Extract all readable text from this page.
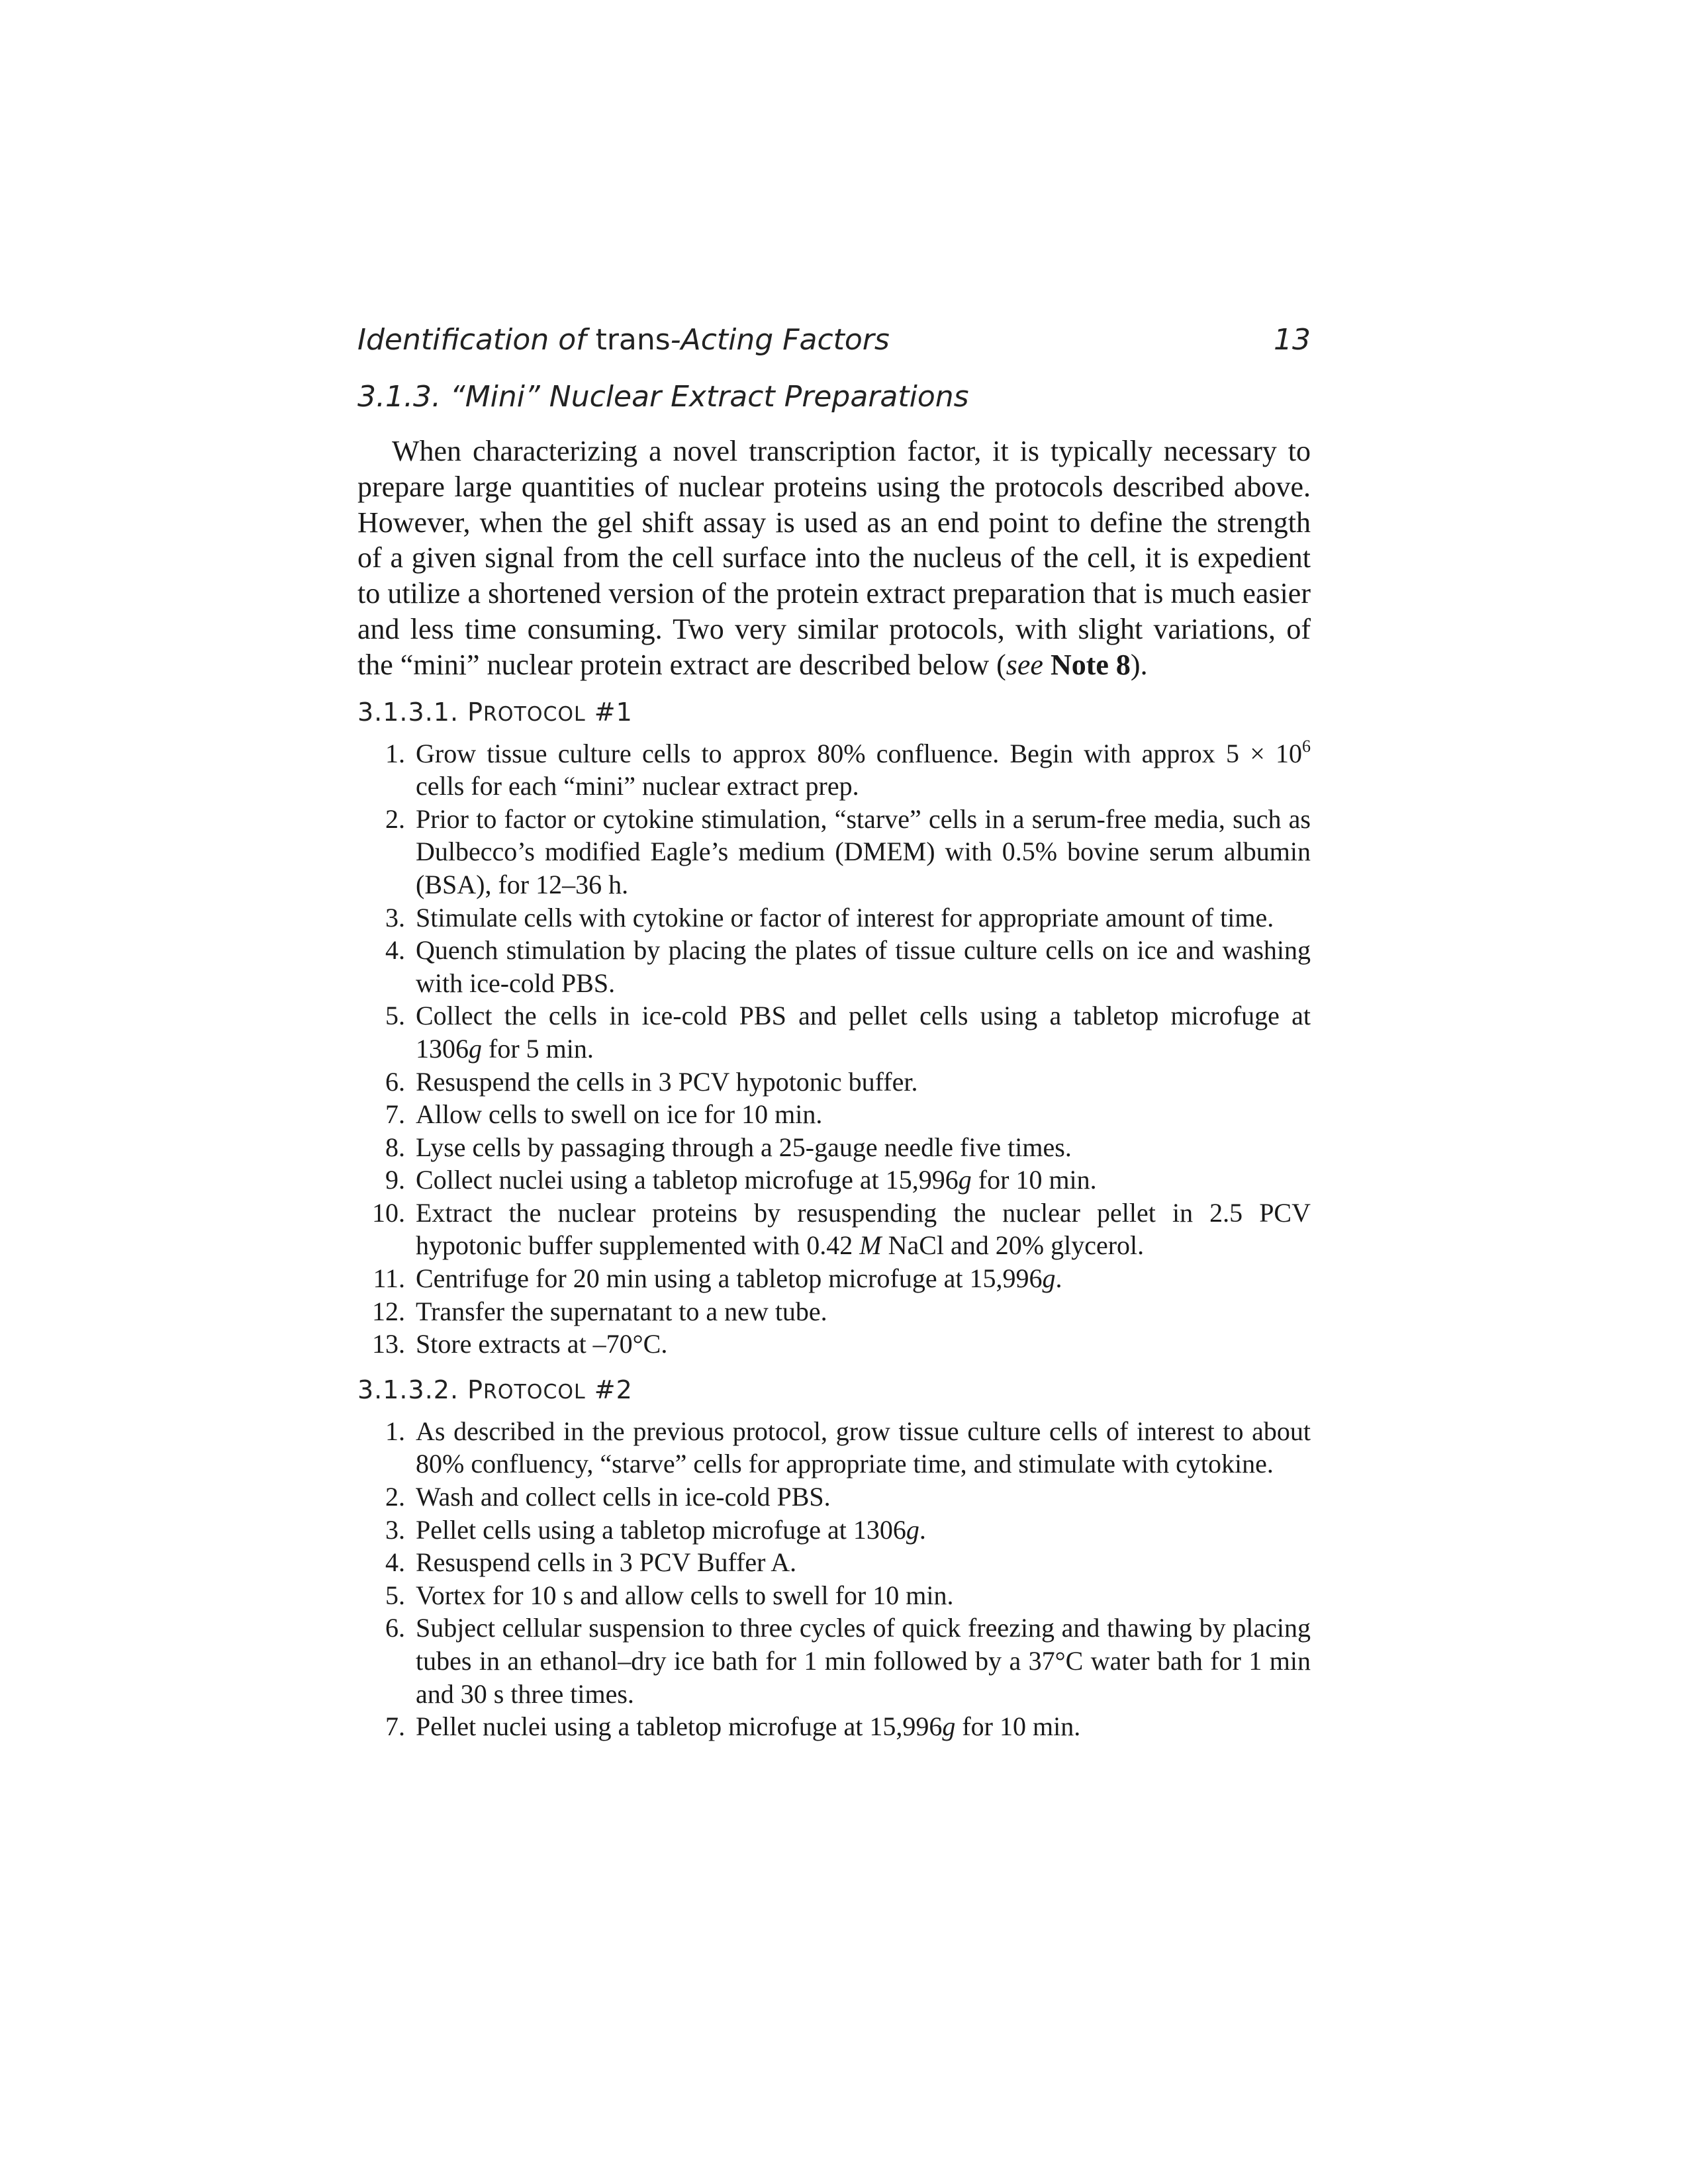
Identification of trans-Acting Factors	13
3.1.3. “Mini” Nuclear Extract Preparations

When characterizing a novel transcription factor, it is typically necessary to prepare large quantities of nuclear proteins using the protocols described above. However, when the gel shift assay is used as an end point to define the strength of a given signal from the cell surface into the nucleus of the cell, it is expedient to utilize a shortened version of the protein extract preparation that is much easier and less time consuming. Two very similar protocols, with slight variations, of the “mini” nuclear protein extract are described below (see Note 8).

3.1.3.1. PROTOCOL #1
1. Grow tissue culture cells to approx 80% confluence. Begin with approx $5 \times 10^6$ cells for each “mini” nuclear extract prep.
2. Prior to factor or cytokine stimulation, “starve” cells in a serum-free media, such as Dulbecco’s modified Eagle’s medium (DMEM) with 0.5% bovine serum albumin (BSA), for 12–36 h.
3. Stimulate cells with cytokine or factor of interest for appropriate amount of time.
4. Quench stimulation by placing the plates of tissue culture cells on ice and washing with ice-cold PBS.
5. Collect the cells in ice-cold PBS and pellet cells using a tabletop microfuge at 1306g for 5 min.
6. Resuspend the cells in 3 PCV hypotonic buffer.
7. Allow cells to swell on ice for 10 min.
8. Lyse cells by passaging through a 25-gauge needle five times.
9. Collect nuclei using a tabletop microfuge at 15,996g for 10 min.
10. Extract the nuclear proteins by resuspending the nuclear pellet in 2.5 PCV hypotonic buffer supplemented with 0.42 M NaCl and 20% glycerol.
11. Centrifuge for 20 min using a tabletop microfuge at 15,996g.
12. Transfer the supernatant to a new tube.
13. Store extracts at –70°C.
3.1.3.2. PROTOCOL #2
1. As described in the previous protocol, grow tissue culture cells of interest to about 80% confluency, “starve” cells for appropriate time, and stimulate with cytokine.
2. Wash and collect cells in ice-cold PBS.
3. Pellet cells using a tabletop microfuge at 1306g.
4. Resuspend cells in 3 PCV Buffer A.
5. Vortex for 10 s and allow cells to swell for 10 min.
6. Subject cellular suspension to three cycles of quick freezing and thawing by placing tubes in an ethanol–dry ice bath for 1 min followed by a 37°C water bath for 1 min and 30 s three times.
7. Pellet nuclei using a tabletop microfuge at 15,996g for 10 min.
